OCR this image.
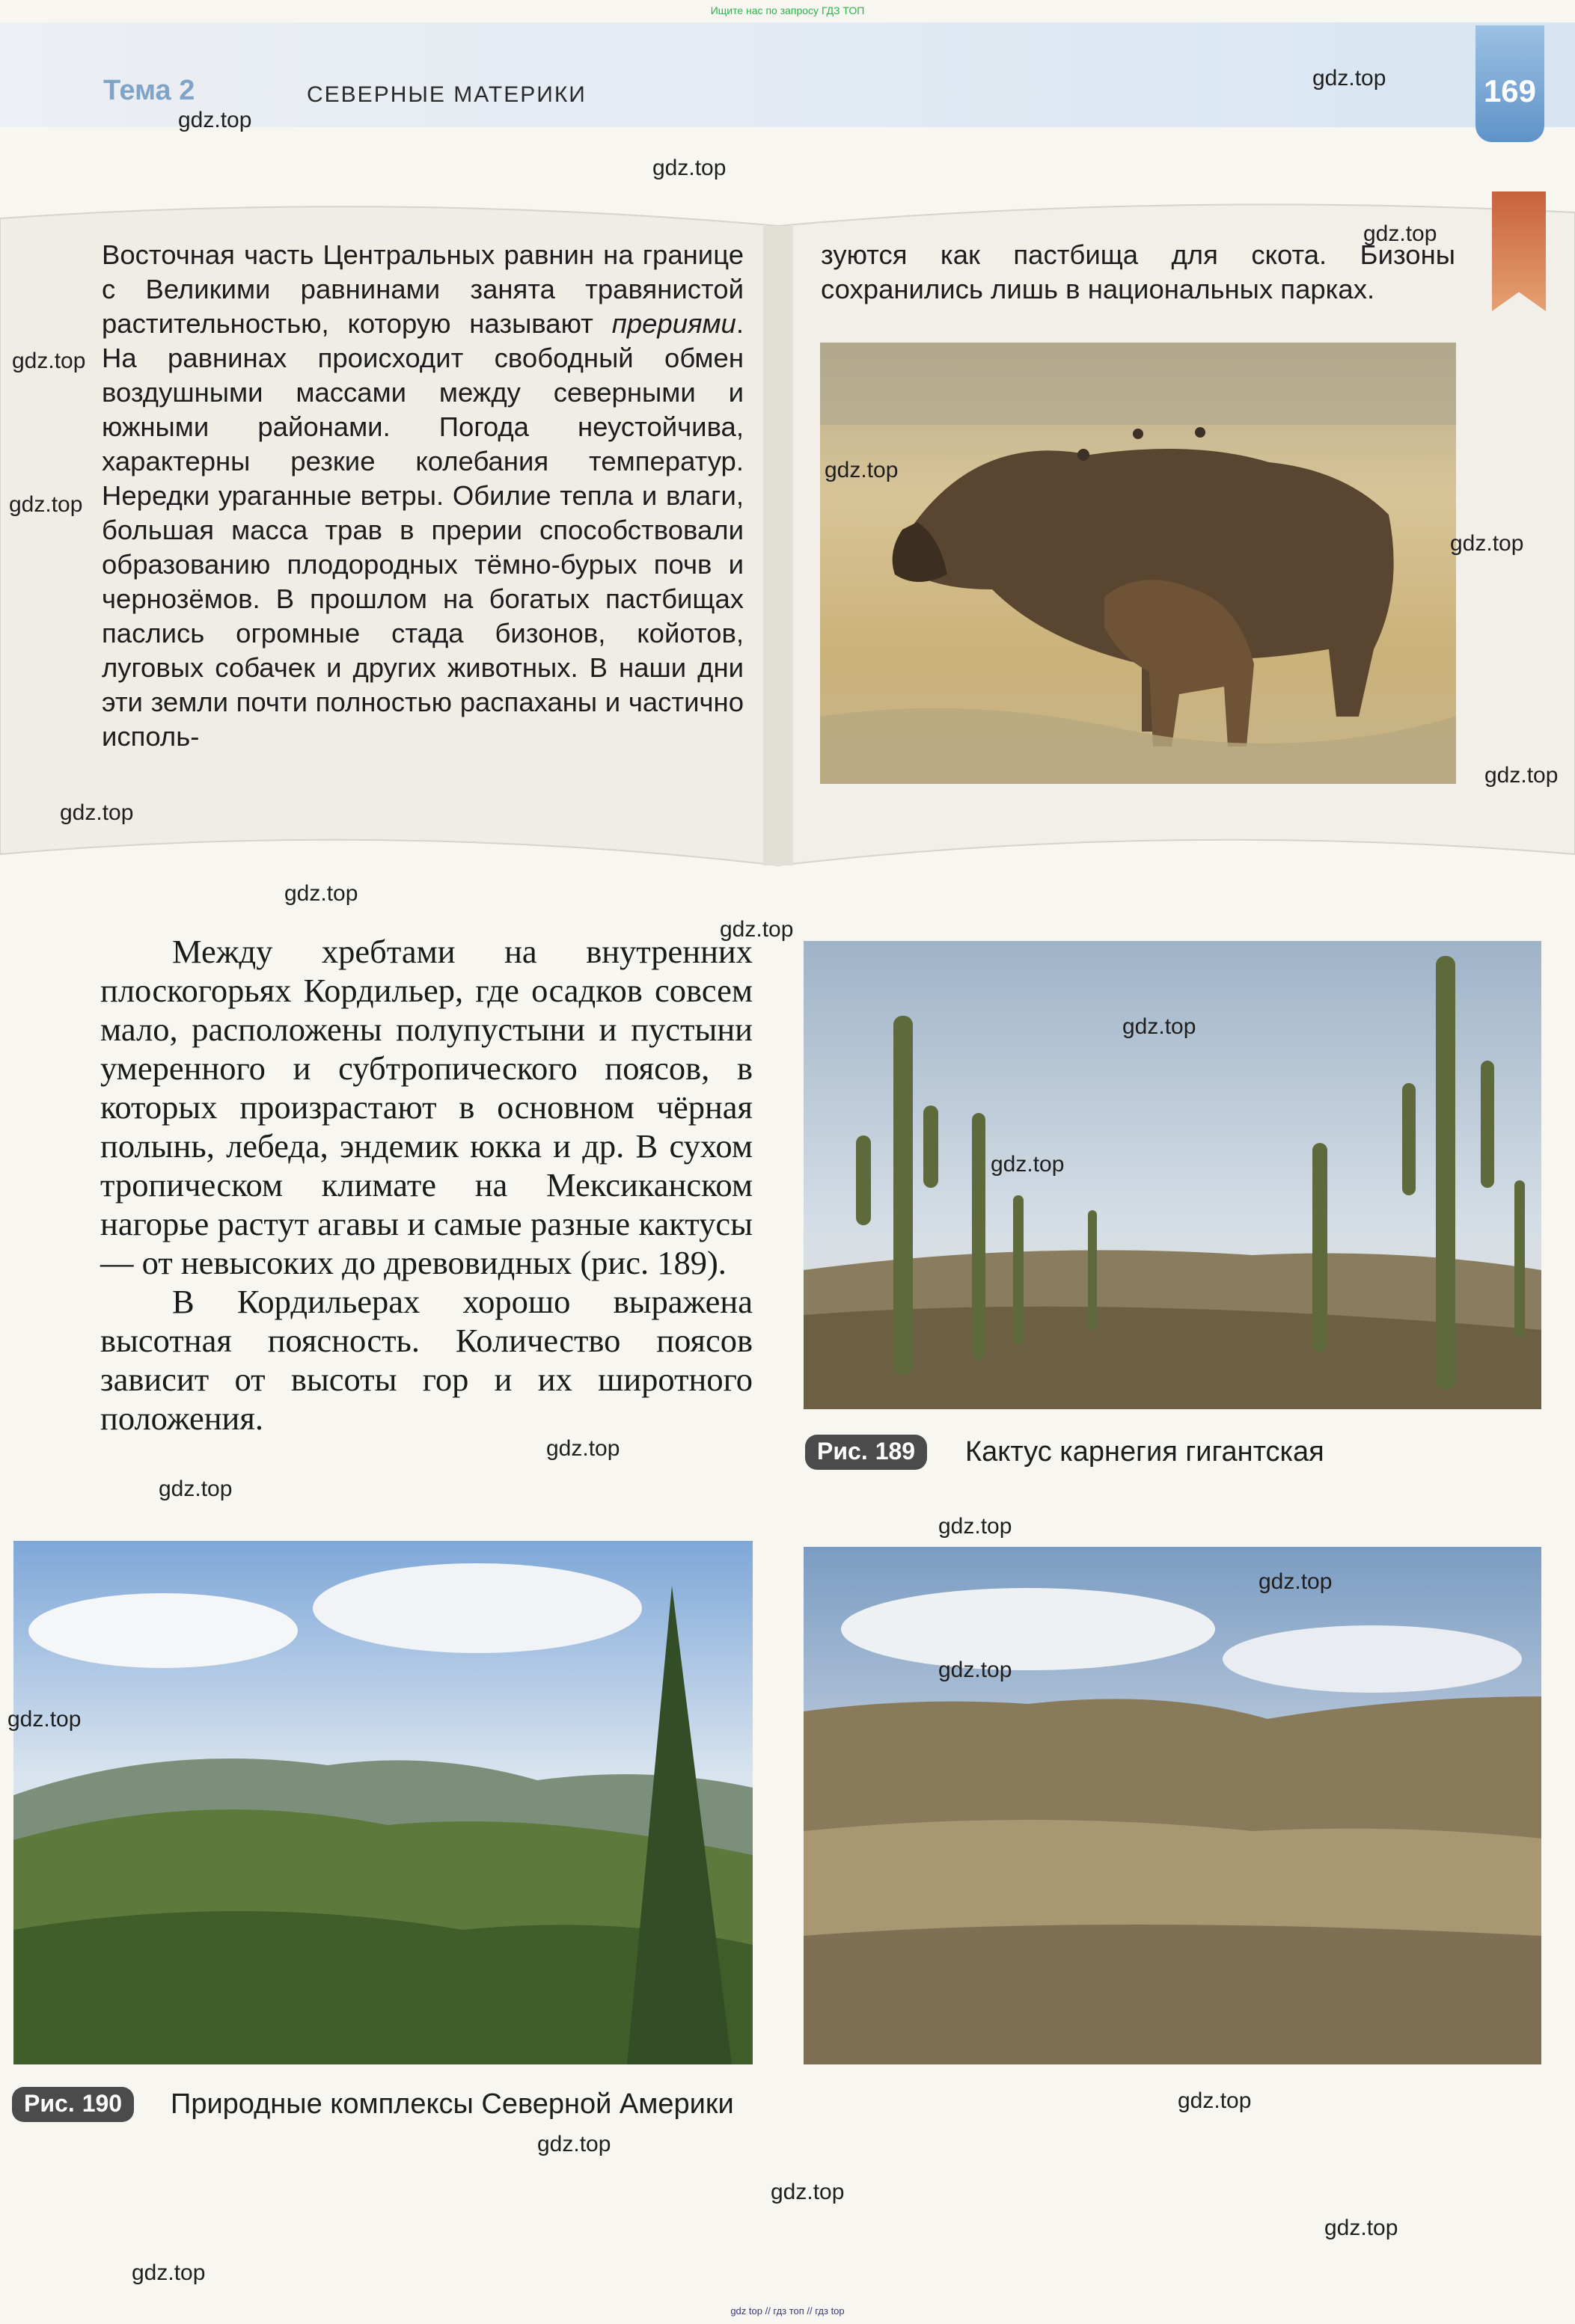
Ищите нас по запросу ГДЗ ТОП
Тема 2	СЕВЕРНЫЕ МАТЕРИКИ	169

Восточная часть Центральных равнин на границе с Великими равнинами занята травянистой растительностью, которую называют прериями. На равнинах происходит свободный обмен воздушными массами между северными и южными районами. Погода неустойчива, характерны резкие колебания температур. Нередки ураганные ветры. Обилие тепла и влаги, большая масса трав в прерии способствовали образованию плодородных тёмно-бурых почв и чернозёмов. В прошлом на богатых пастбищах паслись огромные стада бизонов, койотов, луговых собачек и других животных. В наши дни эти земли почти полностью распаханы и частично исполь-

зуются как пастбища для скота. Бизоны сохранились лишь в национальных парках.

Между хребтами на внутренних плоскогорьях Кордильер, где осадков совсем мало, расположены полупустыни и пустыни умеренного и субтропического поясов, в которых произрастают в основном чёрная полынь, лебеда, эндемик юкка и др. В сухом тропическом климате на Мексиканском нагорье растут агавы и самые разные кактусы — от невысоких до древовидных (рис. 189).

В Кордильерах хорошо выражена высотная поясность. Количество поясов зависит от высоты гор и их широтного положения.

Рис. 189	Кактус карнегия гигантская
Рис. 190	Природные комплексы Северной Америки
gdz.top
gdz.top
gdz.top
gdz.top
gdz.top
gdz.top
gdz.top
gdz.top
gdz.top
gdz.top
gdz.top
gdz.top
gdz.top
gdz.top
gdz.top
gdz.top
gdz.top
gdz.top
gdz.top
gdz.top
gdz.top
gdz.top
gdz.top
gdz.top
gdz.top
gdz top // гдз топ // гдз top
